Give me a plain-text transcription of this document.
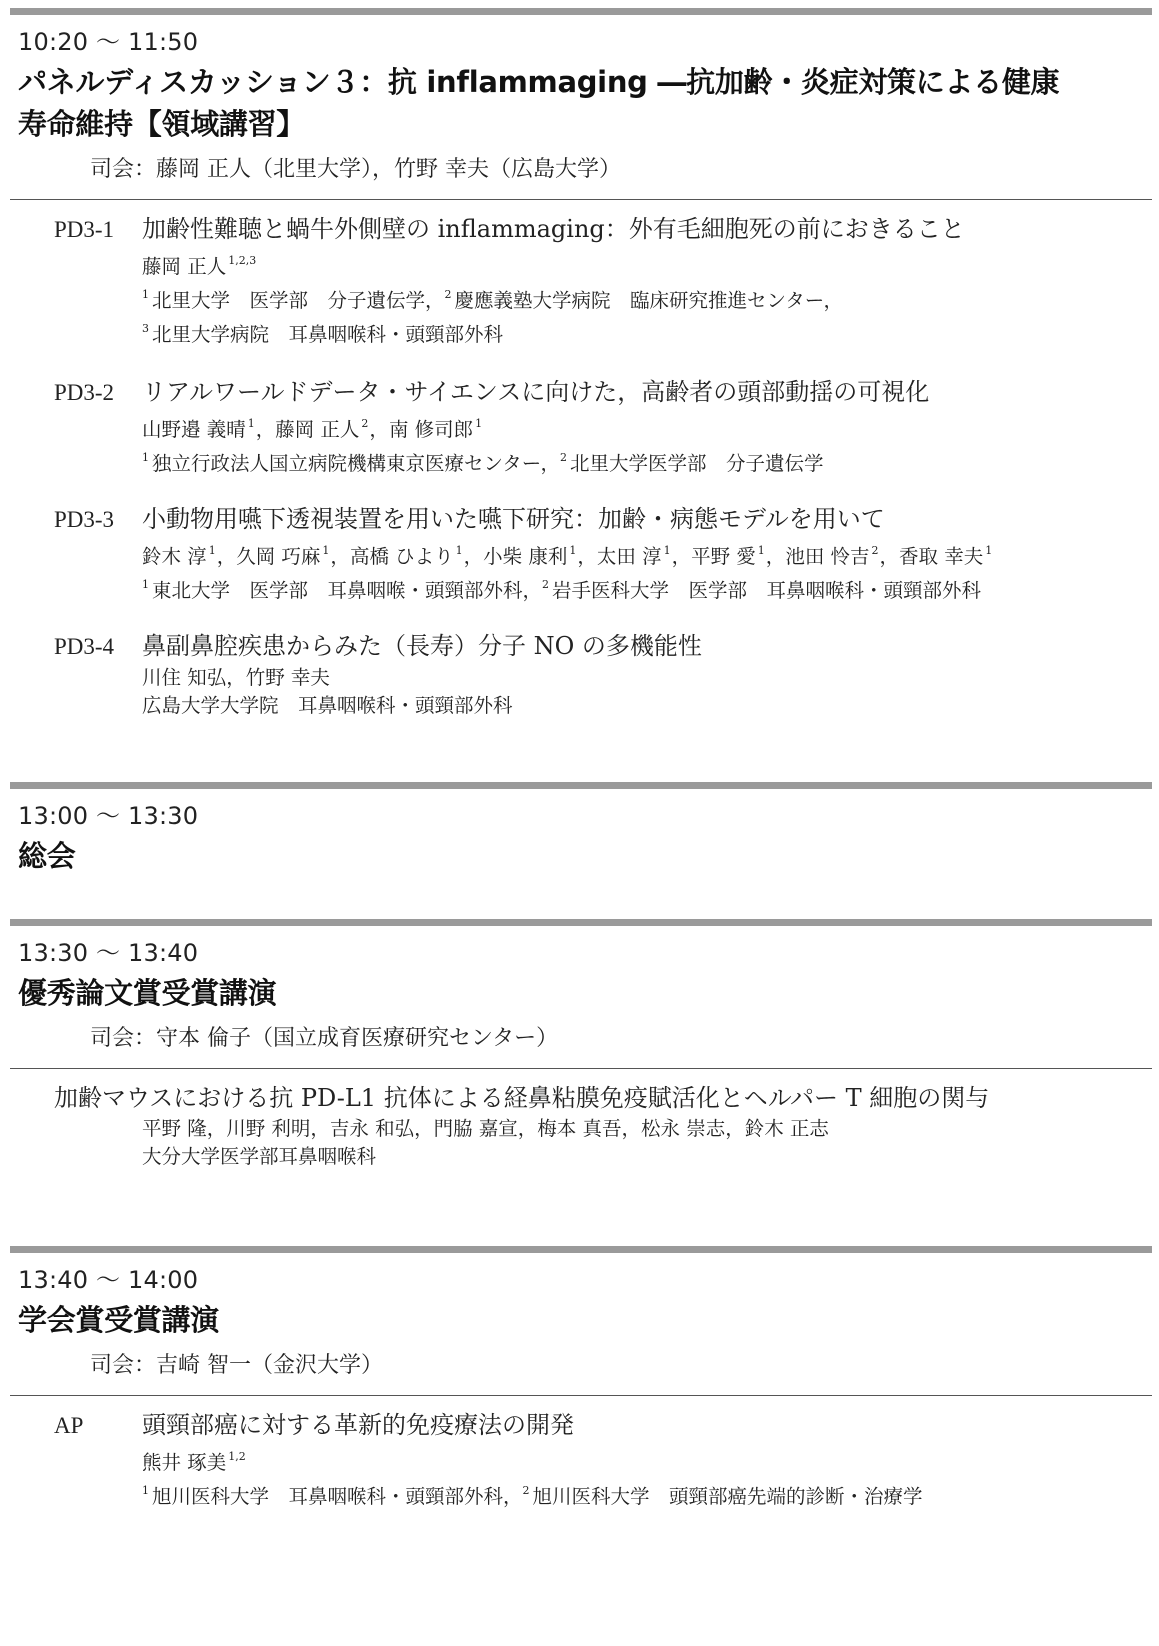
10:20 ～ 11:50
パネルディスカッション３：抗 inflammaging ―抗加齢・炎症対策による健康
寿命維持【領域講習】
司会：藤岡 正人（北里大学），竹野 幸夫（広島大学）
PD3-1	加齢性難聴と蝸牛外側壁の inflammaging：外有毛細胞死の前におきること
藤岡 正人 $^{1,2,3}$
$^1$ 北里大学　医学部　分子遺伝学，$^2$ 慶應義塾大学病院　臨床研究推進センター，
$^3$ 北里大学病院　耳鼻咽喉科・頭頸部外科
PD3-2	リアルワールドデータ・サイエンスに向けた，高齢者の頭部動揺の可視化
山野邉 義晴 $^1$，藤岡 正人 $^2$，南 修司郎 $^1$
$^1$ 独立行政法人国立病院機構東京医療センター，$^2$ 北里大学医学部　分子遺伝学
PD3-3	小動物用嚥下透視装置を用いた嚥下研究：加齢・病態モデルを用いて
鈴木 淳 $^1$，久岡 巧麻 $^1$，高橋 ひより $^1$，小柴 康利 $^1$，太田 淳 $^1$，平野 愛 $^1$，池田 怜吉 $^2$，香取 幸夫 $^1$
$^1$ 東北大学　医学部　耳鼻咽喉・頭頸部外科，$^2$ 岩手医科大学　医学部　耳鼻咽喉科・頭頸部外科
PD3-4	鼻副鼻腔疾患からみた（長寿）分子 NO の多機能性
川住 知弘，竹野 幸夫
広島大学大学院　耳鼻咽喉科・頭頸部外科
13:00 ～ 13:30
総会
13:30 ～ 13:40
優秀論文賞受賞講演
司会：守本 倫子（国立成育医療研究センター）
加齢マウスにおける抗 PD-L1 抗体による経鼻粘膜免疫賦活化とヘルパー T 細胞の関与
平野 隆，川野 利明，吉永 和弘，門脇 嘉宣，梅本 真吾，松永 崇志，鈴木 正志
大分大学医学部耳鼻咽喉科
13:40 ～ 14:00
学会賞受賞講演
司会：吉崎 智一（金沢大学）
AP	頭頸部癌に対する革新的免疫療法の開発
熊井 琢美 $^{1,2}$
$^1$ 旭川医科大学　耳鼻咽喉科・頭頸部外科，$^2$ 旭川医科大学　頭頸部癌先端的診断・治療学
